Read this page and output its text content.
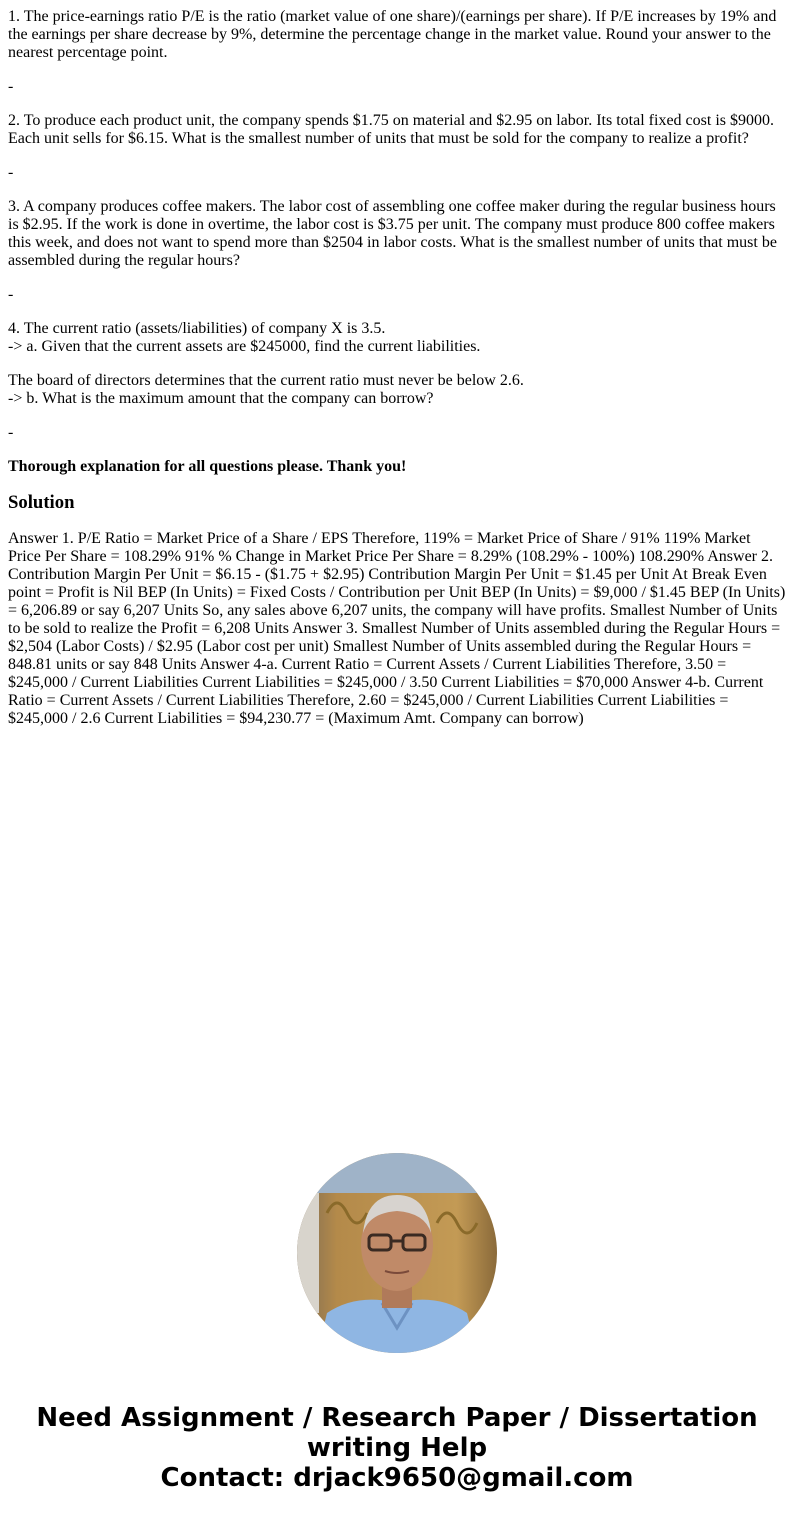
1. The price-earnings ratio P/E is the ratio (market value of one share)/(earnings per share). If P/E increases by 19% and the earnings per share decrease by 9%, determine the percentage change in the market value. Round your answer to the nearest percentage point.

-

2. To produce each product unit, the company spends $1.75 on material and $2.95 on labor. Its total fixed cost is $9000. Each unit sells for $6.15. What is the smallest number of units that must be sold for the company to realize a profit?

-

3. A company produces coffee makers. The labor cost of assembling one coffee maker during the regular business hours is $2.95. If the work is done in overtime, the labor cost is $3.75 per unit. The company must produce 800 coffee makers this week, and does not want to spend more than $2504 in labor costs. What is the smallest number of units that must be assembled during the regular hours?

-

4. The current ratio (assets/liabilities) of company X is 3.5.
-> a. Given that the current assets are $245000, find the current liabilities.

The board of directors determines that the current ratio must never be below 2.6.
-> b. What is the maximum amount that the company can borrow?

-

Thorough explanation for all questions please. Thank you!

Solution

Answer 1. P/E Ratio = Market Price of a Share / EPS Therefore, 119% = Market Price of Share / 91% 119% Market Price Per Share = 108.29% 91% % Change in Market Price Per Share = 8.29% (108.29% - 100%) 108.290% Answer 2. Contribution Margin Per Unit = $6.15 - ($1.75 + $2.95) Contribution Margin Per Unit = $1.45 per Unit At Break Even point = Profit is Nil BEP (In Units) = Fixed Costs / Contribution per Unit BEP (In Units) = $9,000 / $1.45 BEP (In Units) = 6,206.89 or say 6,207 Units So, any sales above 6,207 units, the company will have profits. Smallest Number of Units to be sold to realize the Profit = 6,208 Units Answer 3. Smallest Number of Units assembled during the Regular Hours = $2,504 (Labor Costs) / $2.95 (Labor cost per unit) Smallest Number of Units assembled during the Regular Hours = 848.81 units or say 848 Units Answer 4-a. Current Ratio = Current Assets / Current Liabilities Therefore, 3.50 = $245,000 / Current Liabilities Current Liabilities = $245,000 / 3.50 Current Liabilities = $70,000 Answer 4-b. Current Ratio = Current Assets / Current Liabilities Therefore, 2.60 = $245,000 / Current Liabilities Current Liabilities = $245,000 / 2.6 Current Liabilities = $94,230.77 = (Maximum Amt. Company can borrow)

Need Assignment / Research Paper / Dissertation
writing Help
Contact: drjack9650@gmail.com
